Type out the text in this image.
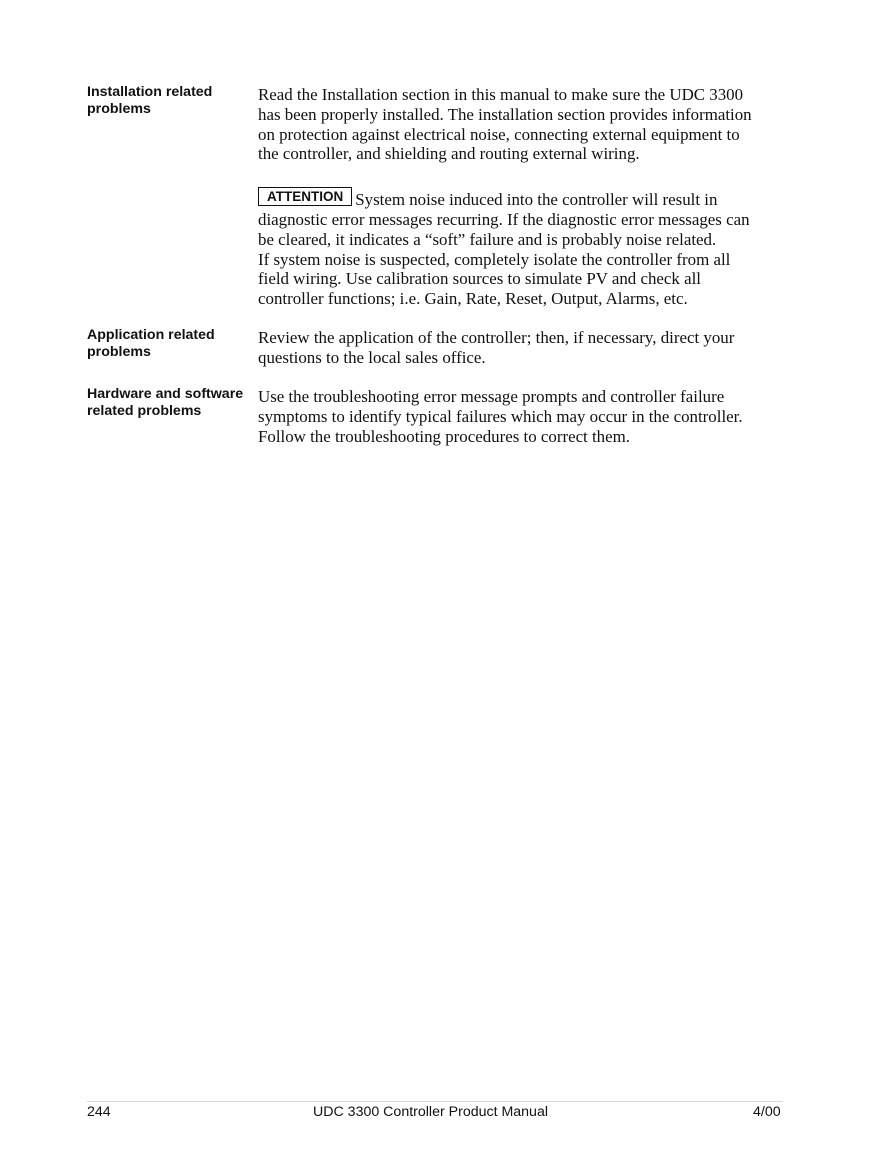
Installation related
problems
Read the Installation section in this manual to make sure the UDC 3300
has been properly installed. The installation section provides information
on protection against electrical noise, connecting external equipment to
the controller, and shielding and routing external wiring.
ATTENTION System noise induced into the controller will result in
diagnostic error messages recurring. If the diagnostic error messages can
be cleared, it indicates a “soft” failure and is probably noise related.
If system noise is suspected, completely isolate the controller from all
field wiring. Use calibration sources to simulate PV and check all
controller functions; i.e. Gain, Rate, Reset, Output, Alarms, etc.
Application related
problems
Review the application of the controller; then, if necessary, direct your
questions to the local sales office.
Hardware and software
related problems
Use the troubleshooting error message prompts and controller failure
symptoms to identify typical failures which may occur in the controller.
Follow the troubleshooting procedures to correct them.
244	UDC 3300 Controller Product Manual	4/00
